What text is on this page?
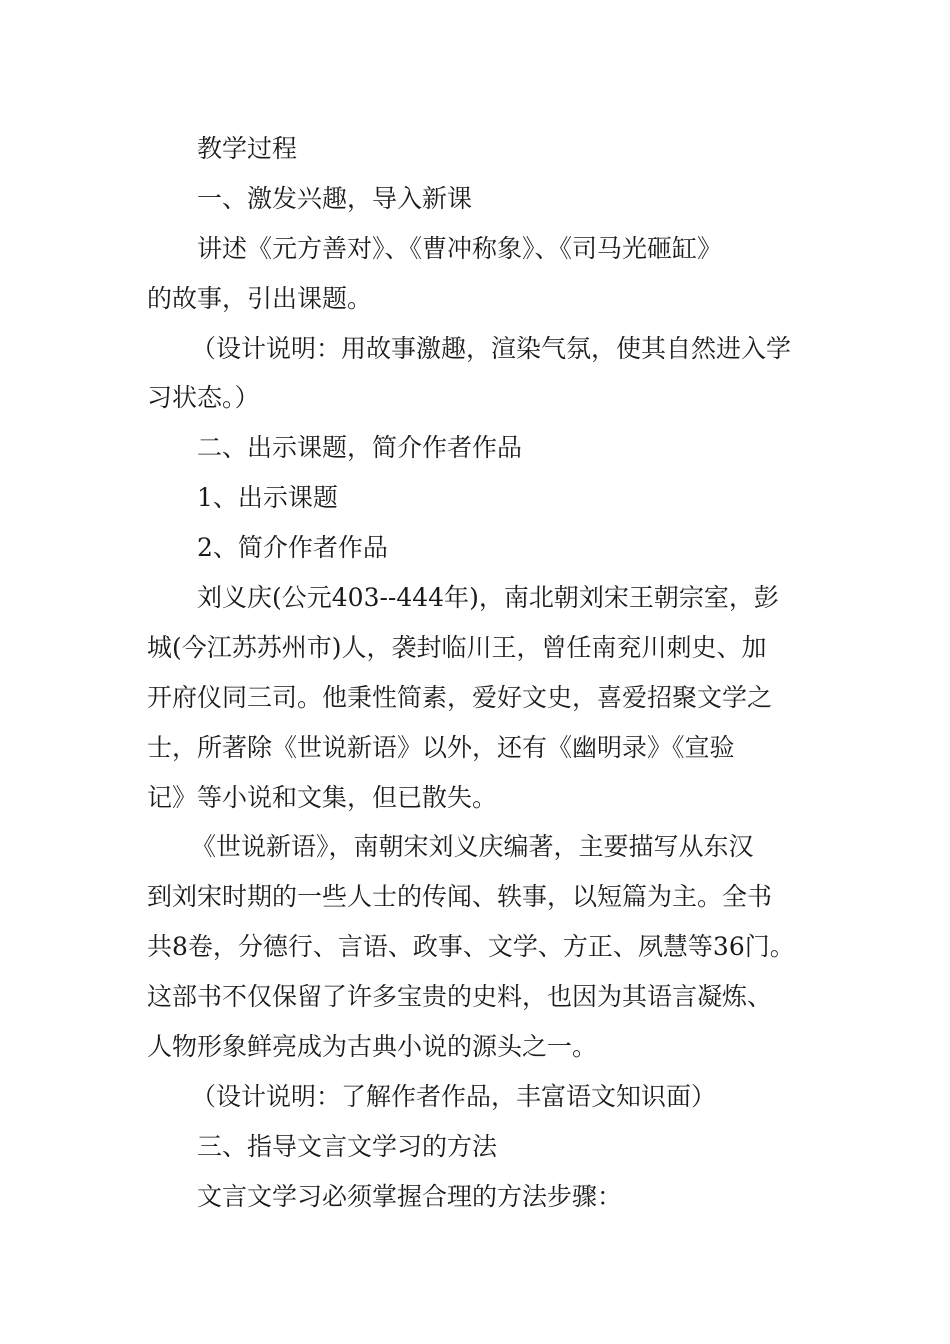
教学过程
一、激发兴趣，导入新课
讲述《元方善对》、《曹冲称象》、《司马光砸缸》
的故事，引出课题。
（设计说明：用故事激趣，渲染气氛，使其自然进入学
习状态。）
二、出示课题，简介作者作品
1、出示课题
2、简介作者作品
刘义庆(公元403--444年)，南北朝刘宋王朝宗室，彭
城(今江苏苏州市)人，袭封临川王，曾任南兖川刺史、加
开府仪同三司。他秉性简素，爱好文史，喜爱招聚文学之
士，所著除《世说新语》以外，还有《幽明录》《宣验
记》等小说和文集，但已散失。
《世说新语》，南朝宋刘义庆编著，主要描写从东汉
到刘宋时期的一些人士的传闻、轶事，以短篇为主。全书
共8卷，分德行、言语、政事、文学、方正、夙慧等36门。
这部书不仅保留了许多宝贵的史料，也因为其语言凝炼、
人物形象鲜亮成为古典小说的源头之一。
（设计说明：了解作者作品，丰富语文知识面）
三、指导文言文学习的方法
文言文学习必须掌握合理的方法步骤：
